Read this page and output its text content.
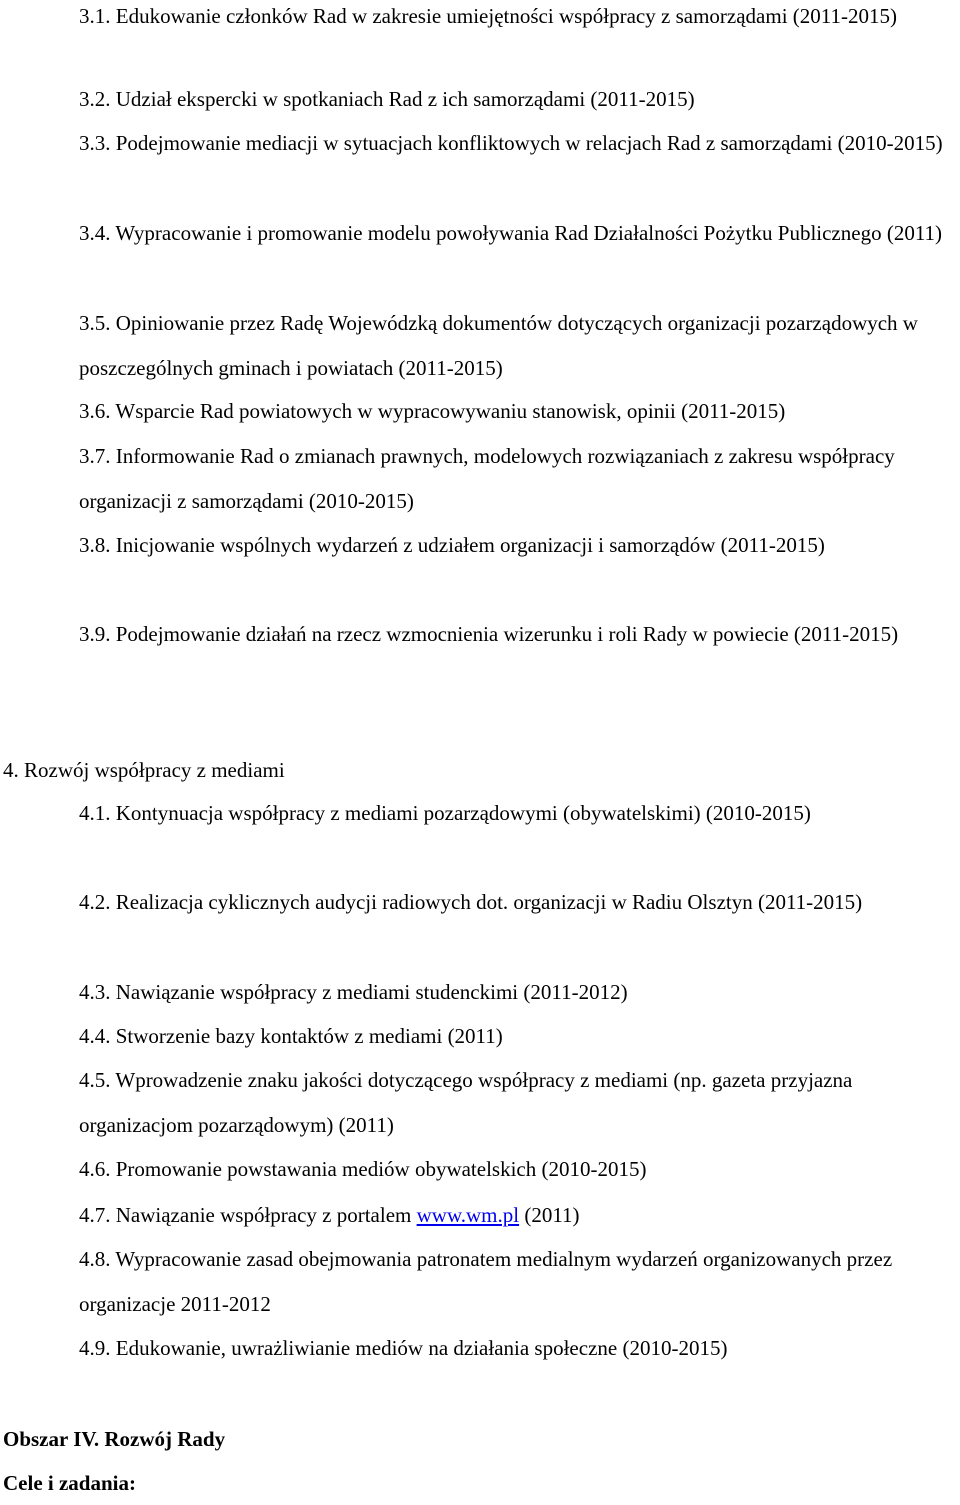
3.1. Edukowanie członków Rad w zakresie umiejętności współpracy z samorządami (2011-2015)

3.2. Udział ekspercki w spotkaniach Rad z ich samorządami (2011-2015)

3.3. Podejmowanie mediacji w sytuacjach konfliktowych w relacjach Rad z samorządami (2010-2015)

3.4. Wypracowanie i promowanie modelu powoływania Rad Działalności Pożytku Publicznego (2011)

3.5. Opiniowanie przez Radę Wojewódzką dokumentów dotyczących organizacji pozarządowych w poszczególnych gminach i powiatach (2011-2015)

3.6. Wsparcie Rad powiatowych w wypracowywaniu stanowisk, opinii (2011-2015)

3.7. Informowanie Rad o zmianach prawnych, modelowych rozwiązaniach z zakresu współpracy organizacji z samorządami (2010-2015)

3.8. Inicjowanie wspólnych wydarzeń z udziałem organizacji i samorządów (2011-2015)

3.9. Podejmowanie działań na rzecz wzmocnienia wizerunku i roli Rady w powiecie (2011-2015)

4. Rozwój współpracy z mediami

4.1. Kontynuacja współpracy z mediami pozarządowymi (obywatelskimi) (2010-2015)

4.2. Realizacja cyklicznych audycji radiowych dot. organizacji w Radiu Olsztyn (2011-2015)

4.3. Nawiązanie współpracy z mediami studenckimi (2011-2012)

4.4. Stworzenie bazy kontaktów z mediami (2011)

4.5. Wprowadzenie znaku jakości dotyczącego współpracy z mediami (np. gazeta przyjazna organizacjom pozarządowym) (2011)

4.6. Promowanie powstawania mediów obywatelskich (2010-2015)

4.7. Nawiązanie współpracy z portalem www.wm.pl (2011)

4.8. Wypracowanie zasad obejmowania patronatem medialnym wydarzeń organizowanych przez organizacje 2011-2012

4.9. Edukowanie, uwrażliwianie mediów na działania społeczne (2010-2015)

Obszar IV. Rozwój Rady

Cele i zadania:
